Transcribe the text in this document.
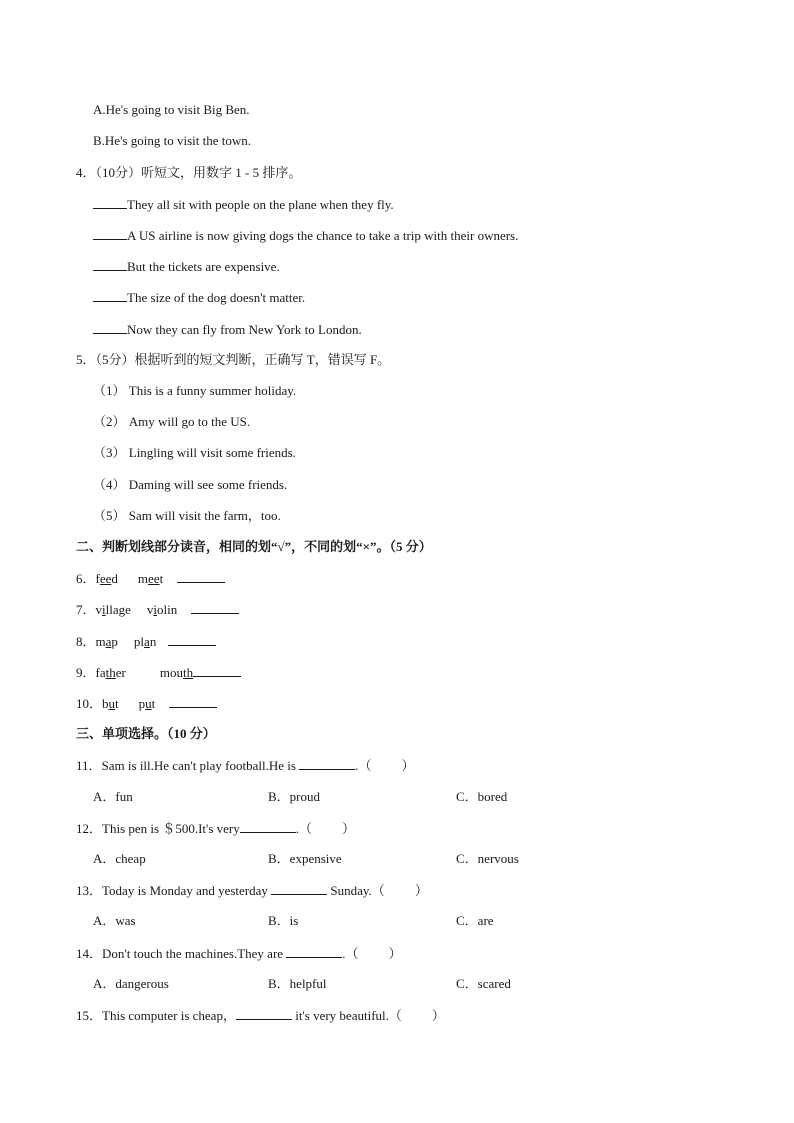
A.He's going to visit Big Ben.
B.He's going to visit the town.
4．（10分）听短文，用数字 1 - 5 排序。
They all sit with people on the plane when they fly.
A US airline is now giving dogs the chance to take a trip with their owners.
But the tickets are expensive.
The size of the dog doesn't matter.
Now they can fly from New York to London.
5．（5分）根据听到的短文判断，正确写 T，错误写 F。
（1） This is a funny summer holiday.
（2） Amy will go to the US.
（3） Lingling will visit some friends.
（4） Daming will see some friends.
（5） Sam will visit the farm，too.
二、判断划线部分读音，相同的划“√”，不同的划“×”。（5 分）
6．feed meet
7．village violin
8．map plan
9．father	mouth
10．but put
三、单项选择。（10 分）
11．Sam is ill.He can't play football.He is	.（ ）
A．fun	B．proud	C．bored
12．This pen is ＄500.It's very	.（ ）
A．cheap	B．expensive	C．nervous
13．Today is Monday and yesterday	Sunday.（ ）
A．was	B．is	C．are
14．Don't touch the machines.They are	.（ ）
A．dangerous	B．helpful	C．scared
15．This computer is cheap，	it's very beautiful.（ ）
